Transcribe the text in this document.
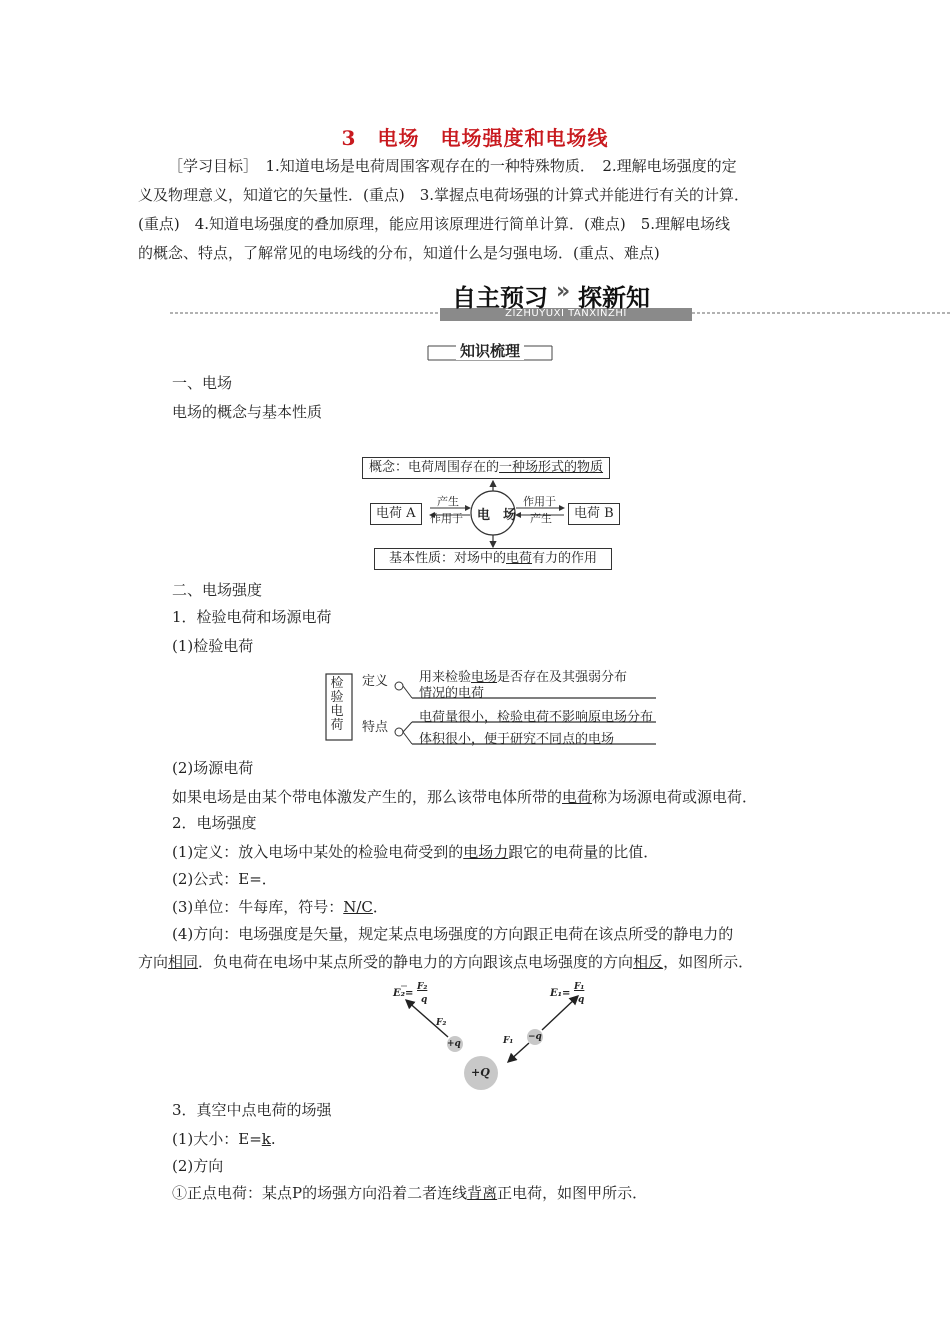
3　电场　电场强度和电场线
［学习目标］　1.知道电场是电荷周围客观存在的一种特殊物质．　2.理解电场强度的定
义及物理意义，知道它的矢量性．(重点)　3.掌握点电荷场强的计算式并能进行有关的计算．
(重点)　4.知道电场强度的叠加原理，能应用该原理进行简单计算．(难点)　5.理解电场线
的概念、特点，了解常见的电场线的分布，知道什么是匀强电场．(重点、难点)
自主预习 » 探新知
ZIZHUYUXI TANXINZHI
知识梳理
一、电场
电场的概念与基本性质
概念：电荷周围存在的一种场形式的物质
电　场
电荷 A	电荷 B
产生
作用于
作用于
产生
基本性质：对场中的电荷有力的作用
二、电场强度
1．检验电荷和场源电荷
(1)检验电荷
检验电荷
定义
特点
用来检验电场是否存在及其强弱分布
情况的电荷
电荷量很小，检验电荷不影响原电场分布
体积很小，便于研究不同点的电场
(2)场源电荷
如果电场是由某个带电体激发产生的，那么该带电体所带的电荷称为场源电荷或源电荷．
2．电场强度
(1)定义：放入电场中某处的检验电荷受到的电场力跟它的电荷量的比值．
(2)公式：E=．
(3)单位：牛每库，符号：N/C．
(4)方向：电场强度是矢量，规定某点电场强度的方向跟正电荷在该点所受的静电力的
方向相同．负电荷在电场中某点所受的静电力的方向跟该点电场强度的方向相反，如图所示．
E₂=
F₂
q
F₂
E₁=
F₁
q
F₁
+q
−q
+Q
3．真空中点电荷的场强
(1)大小：E=k.
(2)方向
①正点电荷：某点P的场强方向沿着二者连线背离正电荷，如图甲所示．
